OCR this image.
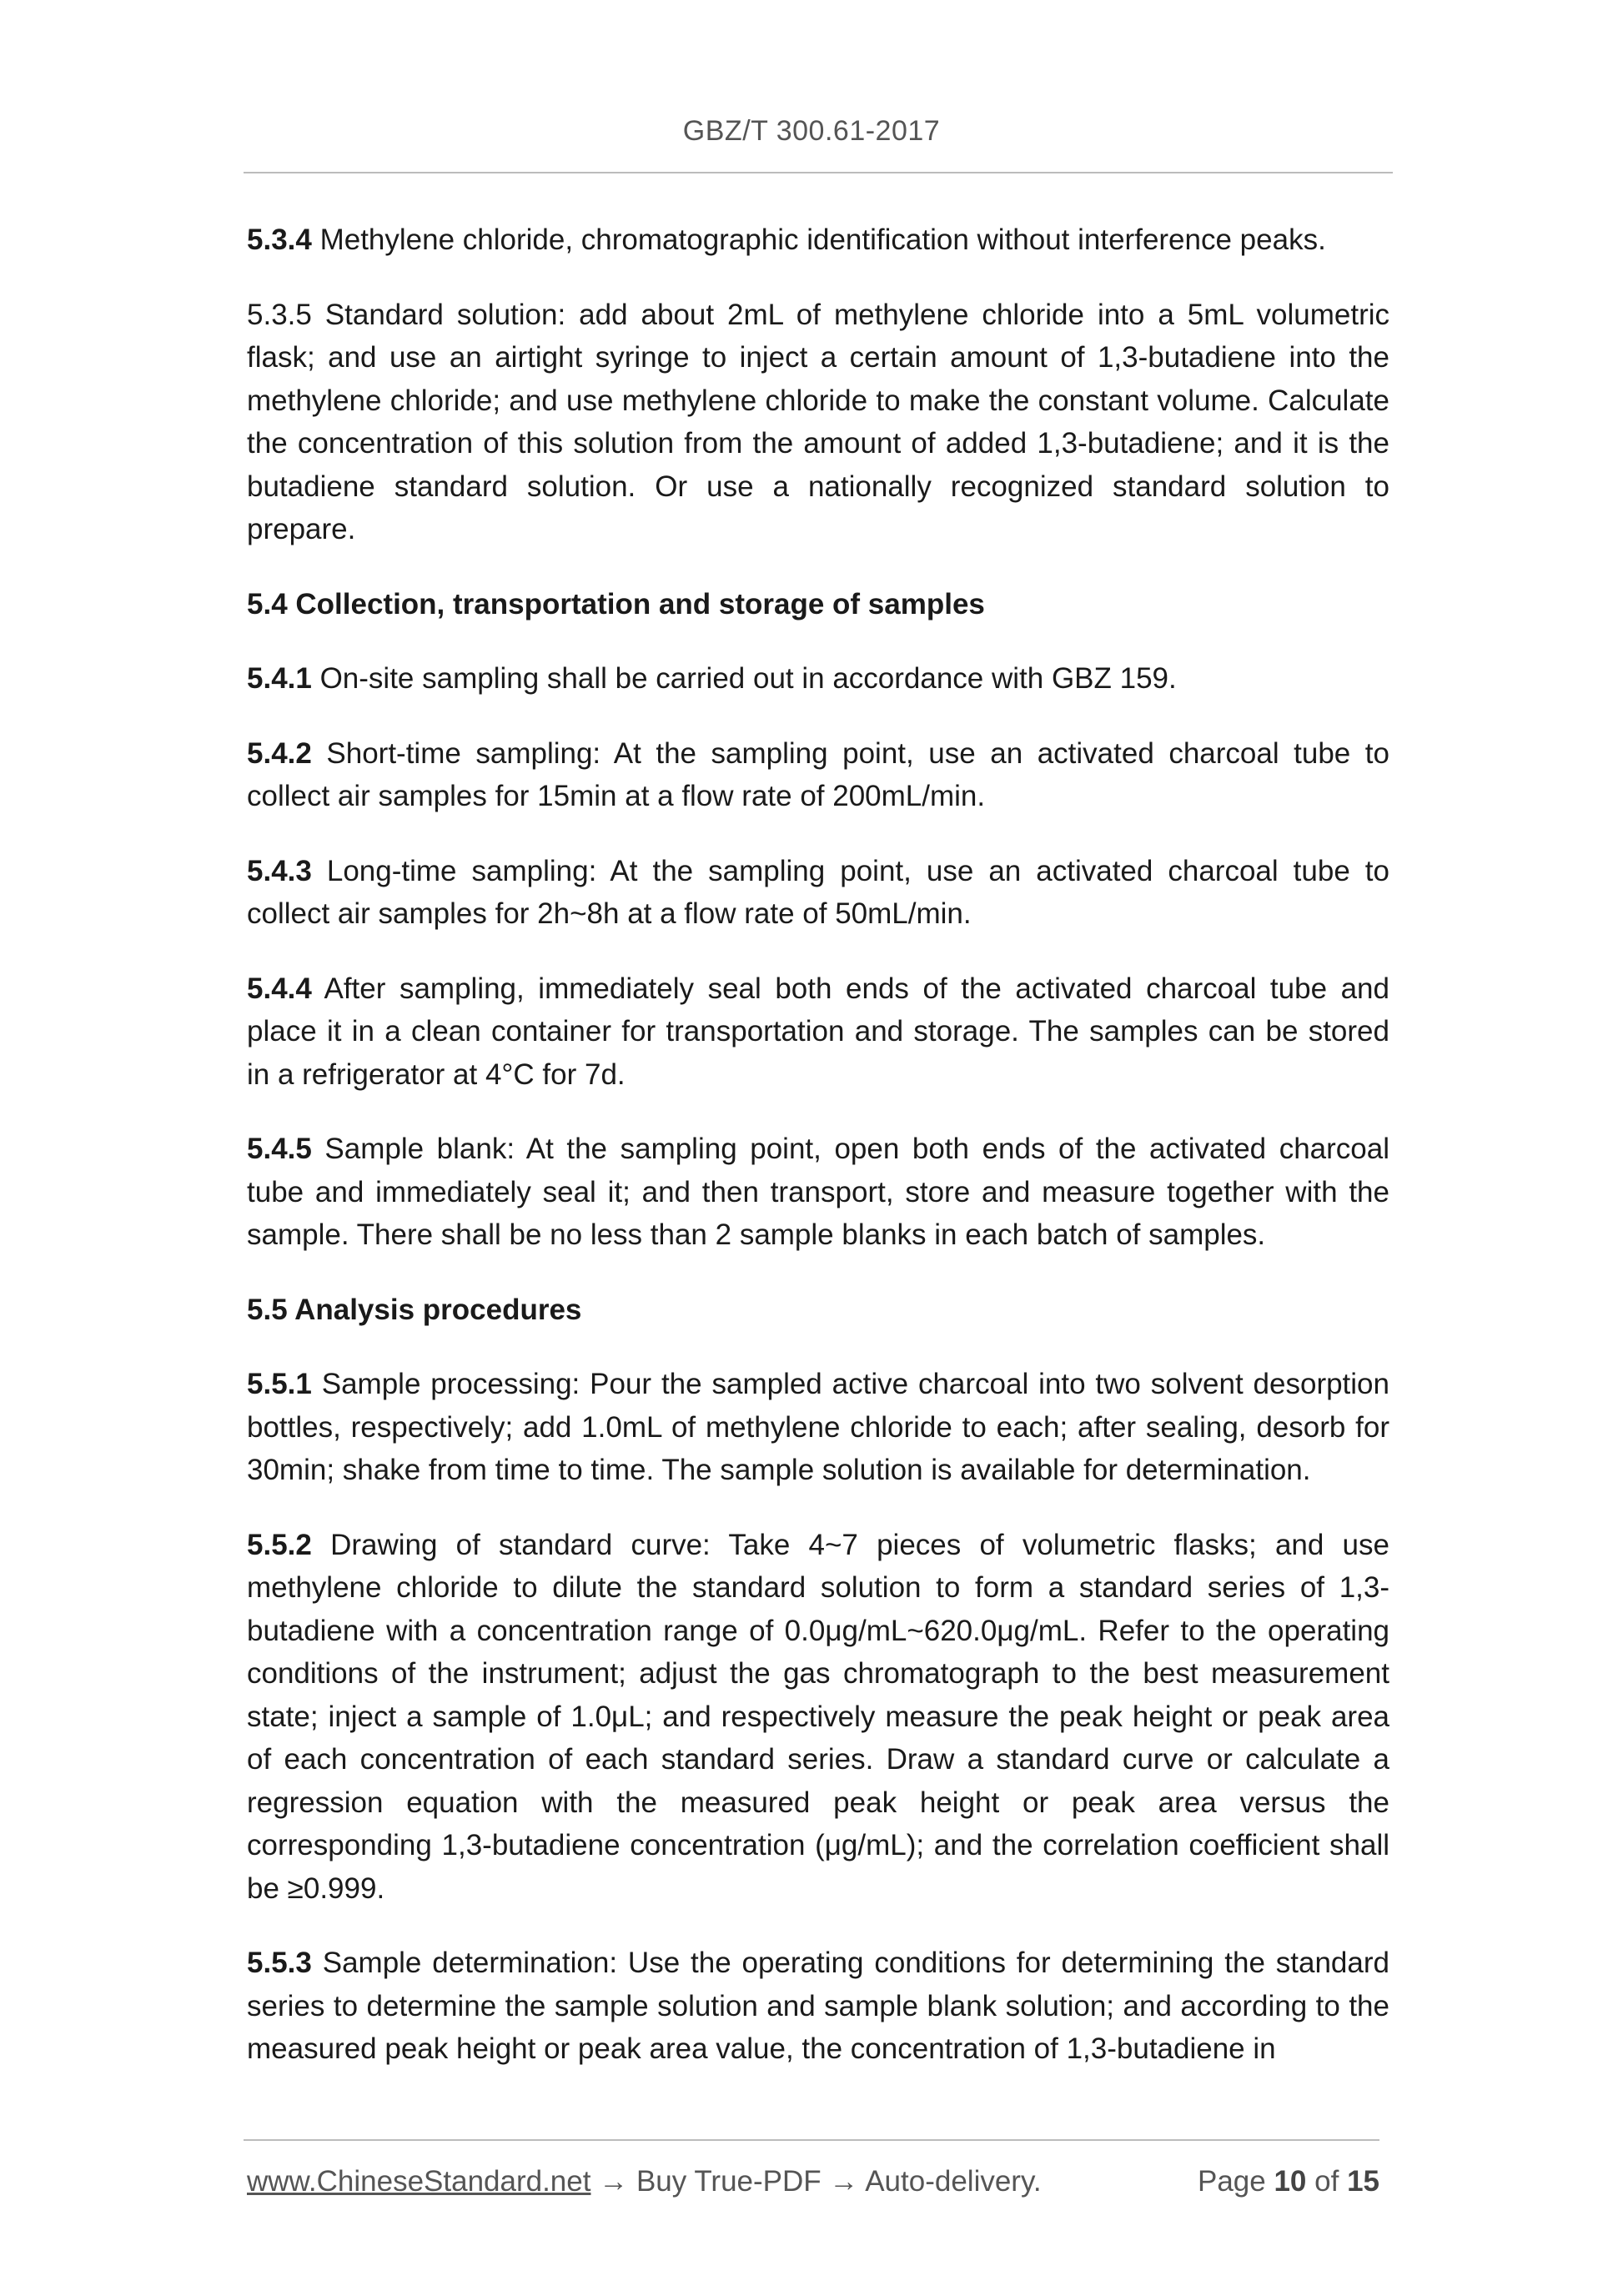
GBZ/T 300.61-2017

5.3.4 Methylene chloride, chromatographic identification without interference peaks.

5.3.5 Standard solution: add about 2mL of methylene chloride into a 5mL volumetric flask; and use an airtight syringe to inject a certain amount of 1,3-butadiene into the methylene chloride; and use methylene chloride to make the constant volume. Calculate the concentration of this solution from the amount of added 1,3-butadiene; and it is the butadiene standard solution. Or use a nationally recognized standard solution to prepare.

5.4 Collection, transportation and storage of samples

5.4.1 On-site sampling shall be carried out in accordance with GBZ 159.

5.4.2 Short-time sampling: At the sampling point, use an activated charcoal tube to collect air samples for 15min at a flow rate of 200mL/min.

5.4.3 Long-time sampling: At the sampling point, use an activated charcoal tube to collect air samples for 2h~8h at a flow rate of 50mL/min.

5.4.4 After sampling, immediately seal both ends of the activated charcoal tube and place it in a clean container for transportation and storage. The samples can be stored in a refrigerator at 4°C for 7d.

5.4.5 Sample blank: At the sampling point, open both ends of the activated charcoal tube and immediately seal it; and then transport, store and measure together with the sample. There shall be no less than 2 sample blanks in each batch of samples.

5.5 Analysis procedures

5.5.1 Sample processing: Pour the sampled active charcoal into two solvent desorption bottles, respectively; add 1.0mL of methylene chloride to each; after sealing, desorb for 30min; shake from time to time. The sample solution is available for determination.

5.5.2 Drawing of standard curve: Take 4~7 pieces of volumetric flasks; and use methylene chloride to dilute the standard solution to form a standard series of 1,3-butadiene with a concentration range of 0.0μg/mL~620.0μg/mL. Refer to the operating conditions of the instrument; adjust the gas chromatograph to the best measurement state; inject a sample of 1.0μL; and respectively measure the peak height or peak area of each concentration of each standard series. Draw a standard curve or calculate a regression equation with the measured peak height or peak area versus the corresponding 1,3-butadiene concentration (μg/mL); and the correlation coefficient shall be ≥0.999.

5.5.3 Sample determination: Use the operating conditions for determining the standard series to determine the sample solution and sample blank solution; and according to the measured peak height or peak area value, the concentration of 1,3-butadiene in

www.ChineseStandard.net → Buy True-PDF → Auto-delivery.	Page 10 of 15
